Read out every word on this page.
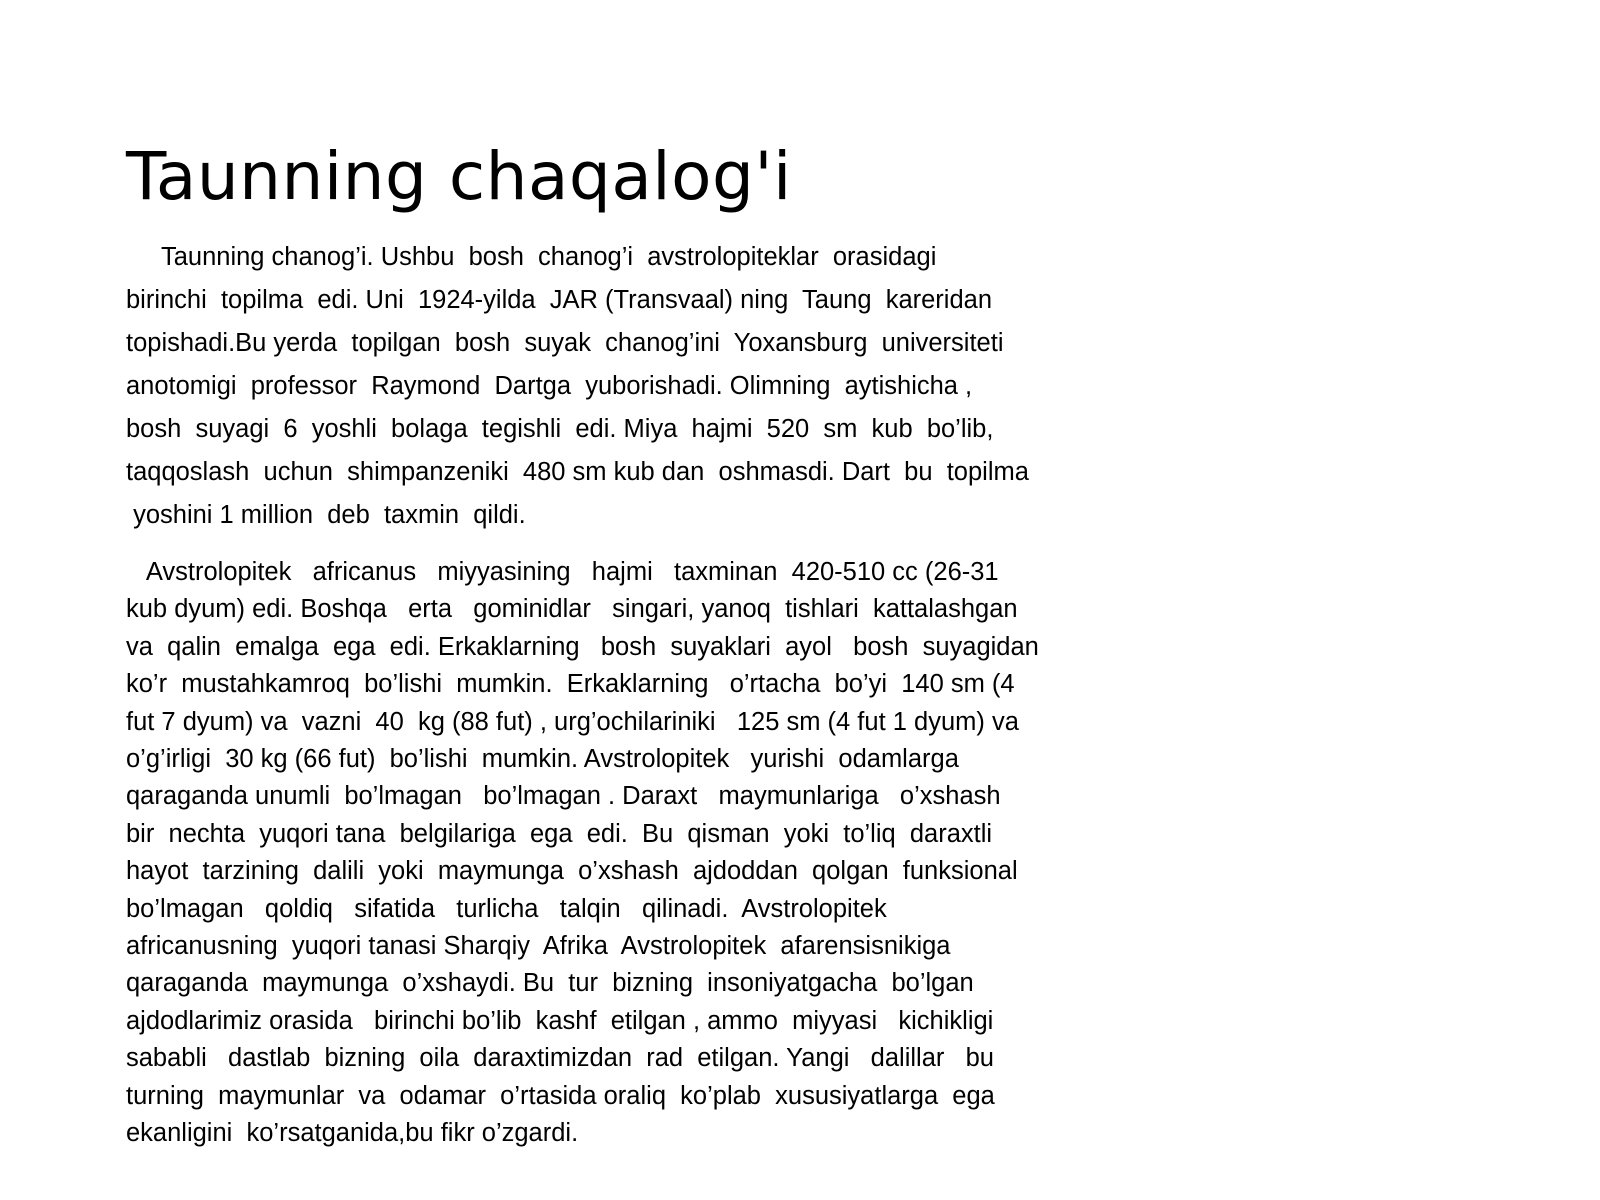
Taunning chaqalog'i
Taunning chanog’i. Ushbu  bosh  chanog’i  avstrolopiteklar  orasidagi
birinchi  topilma  edi. Uni  1924-yilda  JAR (Transvaal) ning  Taung  kareridan
topishadi.Bu yerda  topilgan  bosh  suyak  chanog’ini  Yoxansburg  universiteti
anotomigi  professor  Raymond  Dartga  yuborishadi. Olimning  aytishicha ,
bosh  suyagi  6  yoshli  bolaga  tegishli  edi. Miya  hajmi  520  sm  kub  bo’lib,
taqqoslash  uchun  shimpanzeniki  480 sm kub dan  oshmasdi. Dart  bu  topilma
yoshini 1 million  deb  taxmin  qildi.
Avstrolopitek   africanus   miyyasining   hajmi   taxminan  420-510 cc (26-31
kub dyum) edi. Boshqa   erta   gominidlar   singari, yanoq  tishlari  kattalashgan
va  qalin  emalga  ega  edi. Erkaklarning   bosh  suyaklari  ayol   bosh  suyagidan
ko’r  mustahkamroq  bo’lishi  mumkin.  Erkaklarning   o’rtacha  bo’yi  140 sm (4
fut 7 dyum) va  vazni  40  kg (88 fut) , urg’ochilariniki   125 sm (4 fut 1 dyum) va
o’g’irligi  30 kg (66 fut)  bo’lishi  mumkin. Avstrolopitek   yurishi  odamlarga
qaraganda unumli  bo’lmagan   bo’lmagan . Daraxt   maymunlariga   o’xshash
bir  nechta  yuqori tana  belgilariga  ega  edi.  Bu  qisman  yoki  to’liq  daraxtli
hayot  tarzining  dalili  yoki  maymunga  o’xshash  ajdoddan  qolgan  funksional
bo’lmagan   qoldiq   sifatida   turlicha   talqin   qilinadi.  Avstrolopitek
africanusning  yuqori tanasi Sharqiy  Afrika  Avstrolopitek  afarensisnikiga
qaraganda  maymunga  o’xshaydi. Bu  tur  bizning  insoniyatgacha  bo’lgan
ajdodlarimiz orasida   birinchi bo’lib  kashf  etilgan , ammo  miyyasi   kichikligi
sababli   dastlab  bizning  oila  daraxtimizdan  rad  etilgan. Yangi   dalillar   bu
turning  maymunlar  va  odamar  o’rtasida oraliq  ko’plab  xususiyatlarga  ega
ekanligini  ko’rsatganida,bu fikr o’zgardi.
